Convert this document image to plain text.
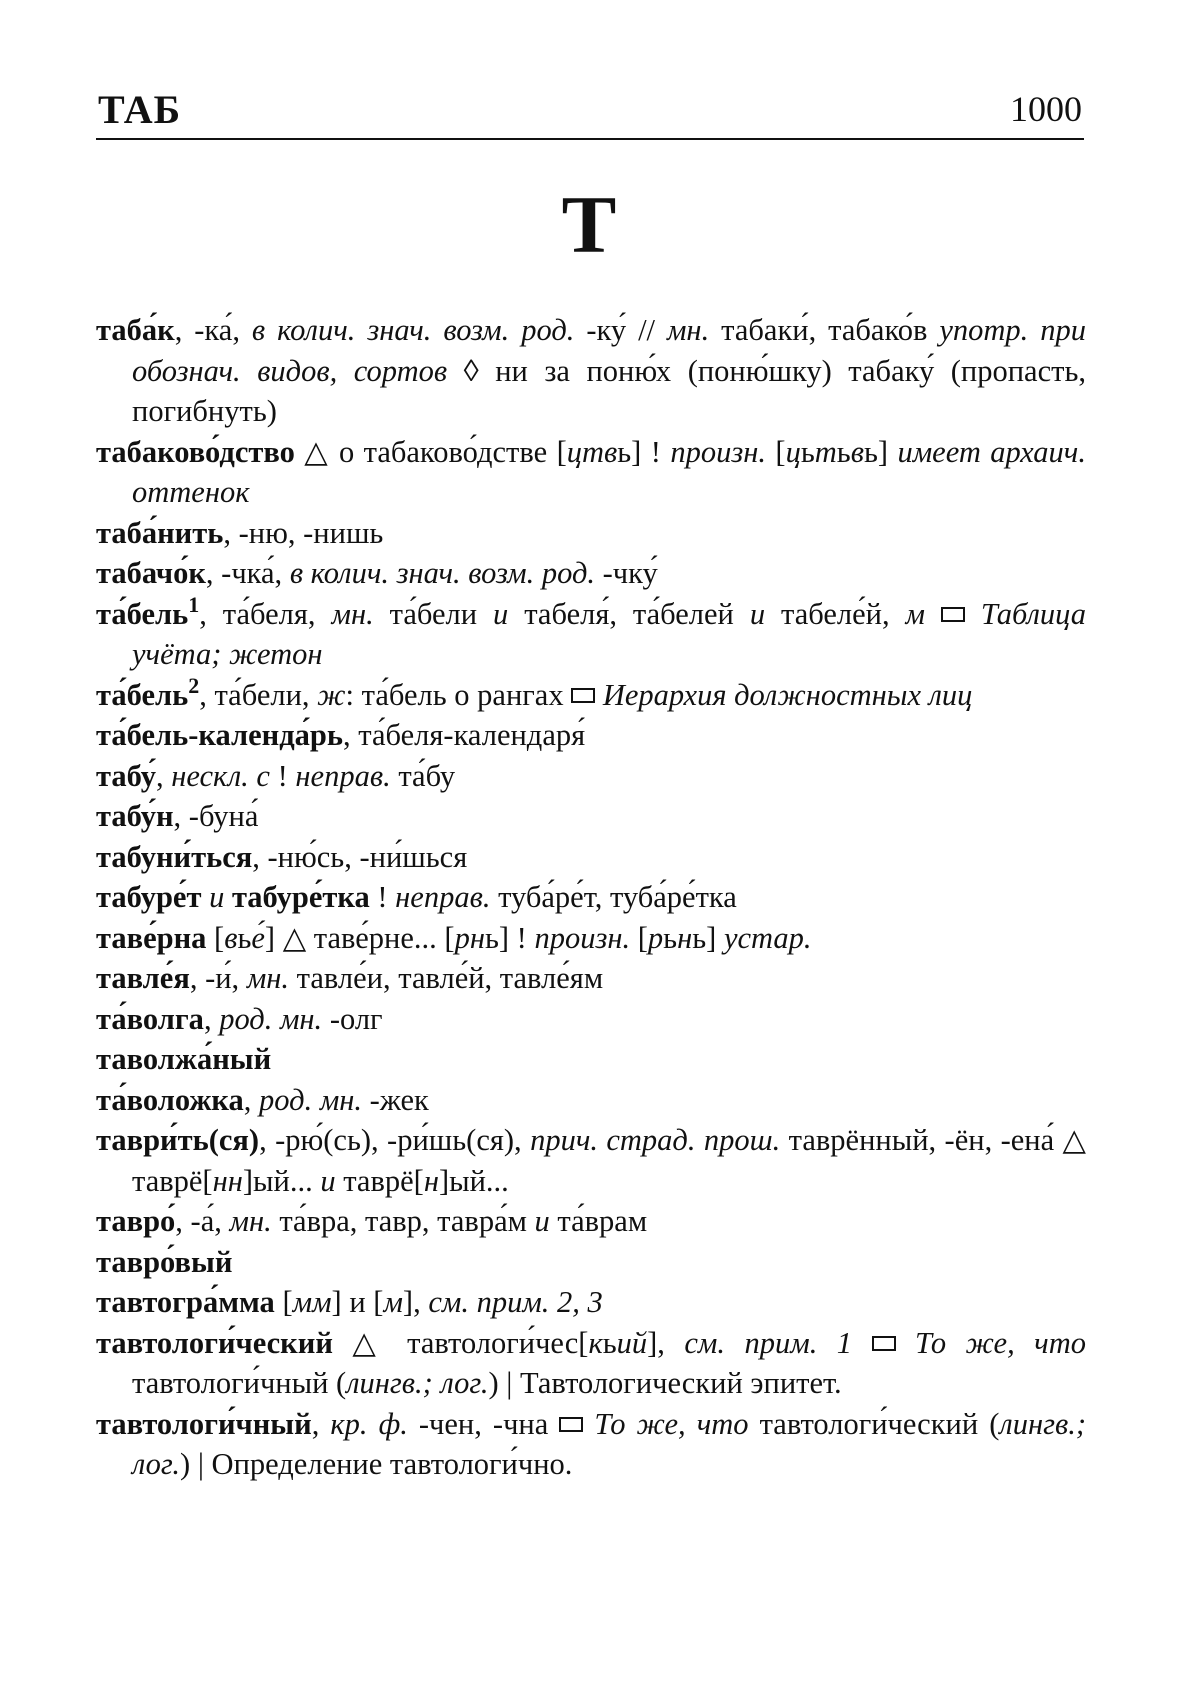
ТАБ	1000
Т
таба́к, -ка́, в колич. знач. возм. род. -ку́ // мн. табаки́, табако́в употр. при обознач. видов, сортов ◊ ни за поню́х (поню́шку) табаку́ (пропасть, погибнуть)
табаково́дство △ о табаково́дстве [цтвь] ! произн. [цьтьвь] имеет архаич. оттенок
таба́нить, -ню, -нишь
табачо́к, -чка́, в колич. знач. возм. род. -чку́
та́бель$^1$, та́беля, мн. та́бели и табеля́, та́белей и табеле́й, м Таблица учёта; жетон
та́бель$^2$, та́бели, ж: та́бель о рангах  Иерархия должностных лиц
та́бель-календа́рь, та́беля-календаря́
табу́, нескл. с ! неправ. та́бу
табу́н, -буна́
табуни́ться, -ню́сь, -ни́шься
табуре́т и табуре́тка ! неправ. туба́ре́т, туба́ре́тка
таве́рна [вье́] △ таве́рне... [рнь] ! произн. [рьнь] устар.
тавле́я, -и́, мн. тавле́и, тавле́й, тавле́ям
та́волга, род. мн. -олг
таволжа́ный
та́воложка, род. мн. -жек
таври́ть(ся), -рю́(сь), -ри́шь(ся), прич. страд. прош. таврённый, -ён, -ена́ △ таврё[нн]ый... и таврё[н]ый...
тавро́, -а́, мн. та́вра, тавр, тавра́м и та́врам
тавро́вый
тавтогра́мма [мм] и [м], см. прим. 2, 3
тавтологи́ческий △ тавтологи́чес[кьий], см. прим. 1 То же, что тавтологи́чный (лингв.; лог.) | Тавтологический эпитет.
тавтологи́чный, кр. ф. -чен, -чна  То же, что тавтологи́ческий (лингв.; лог.) | Определение тавтологи́чно.
